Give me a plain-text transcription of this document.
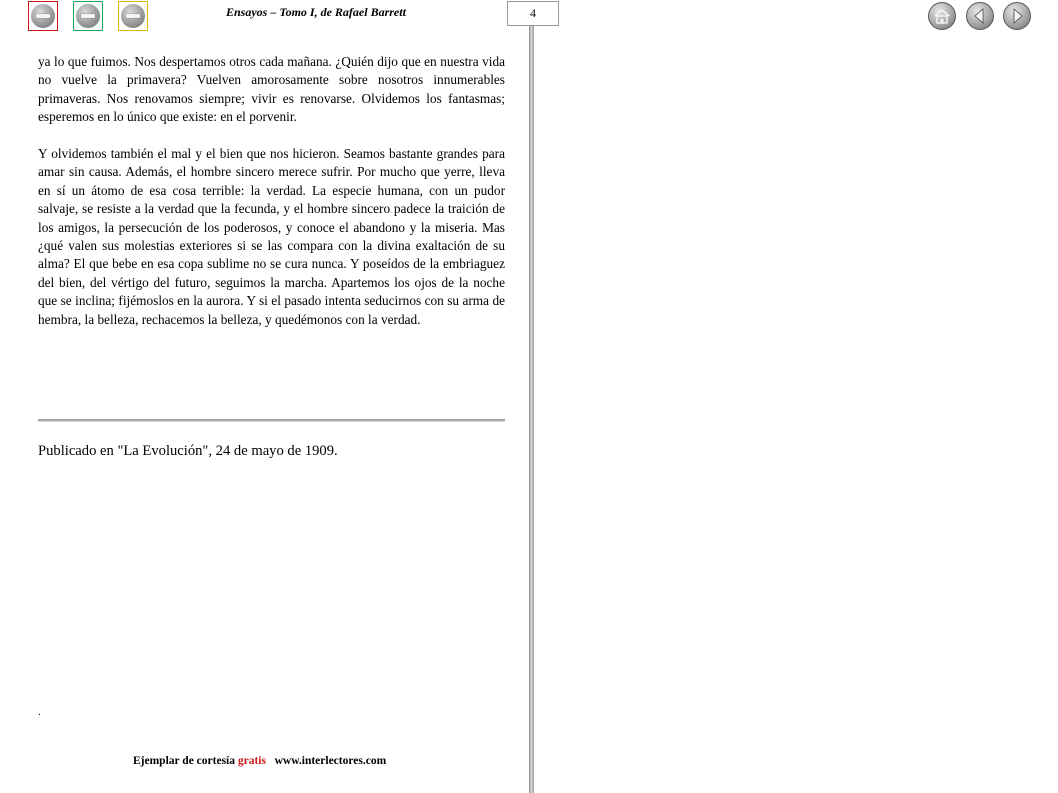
Ensayos – Tomo I, de Rafael Barrett	4

ya lo que fuimos. Nos despertamos otros cada mañana. ¿Quién dijo que en nuestra vida no vuelve la primavera? Vuelven amorosamente sobre nosotros innumerables primaveras. Nos renovamos siempre; vivir es renovarse. Olvidemos los fantasmas; esperemos en lo único que existe: en el porvenir.

Y olvidemos también el mal y el bien que nos hicieron. Seamos bastante grandes para amar sin causa. Además, el hombre sincero merece sufrir. Por mucho que yerre, lleva en sí un átomo de esa cosa terrible: la verdad. La especie humana, con un pudor salvaje, se resiste a la verdad que la fecunda, y el hombre sincero padece la traición de los amigos, la persecución de los poderosos, y conoce el abandono y la miseria. Mas ¿qué valen sus molestias exteriores si se las compara con la divina exaltación de su alma? El que bebe en esa copa sublime no se cura nunca. Y poseídos de la embriaguez del bien, del vértigo del futuro, seguimos la marcha. Apartemos los ojos de la noche que se inclina; fijémoslos en la aurora. Y si el pasado intenta seducirnos con su arma de hembra, la belleza, rechacemos la belleza, y quedémonos con la verdad.

Publicado en "La Evolución", 24 de mayo de 1909.
.
Ejemplar de cortesía gratis   www.interlectores.com
